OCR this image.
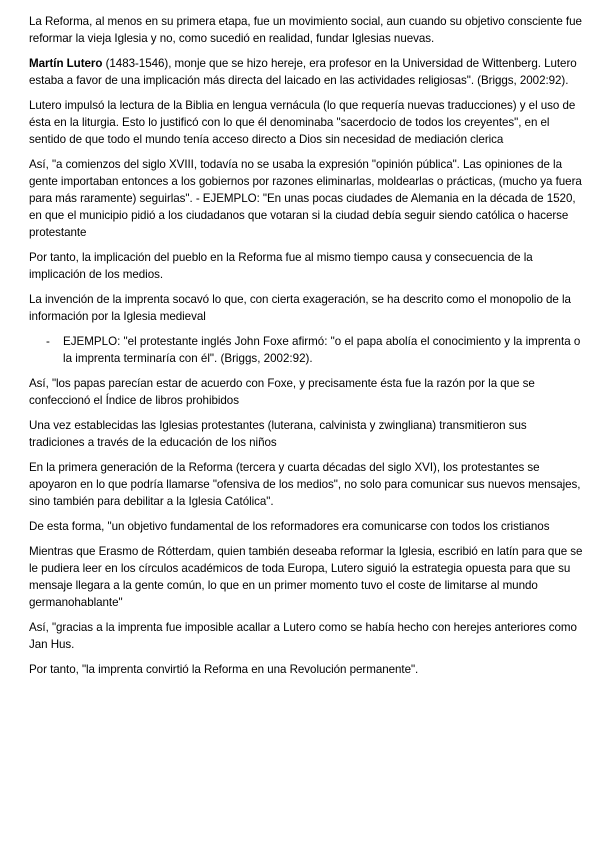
La Reforma, al menos en su primera etapa, fue un movimiento social, aun cuando su objetivo consciente fue reformar la vieja Iglesia y no, como sucedió en realidad, fundar Iglesias nuevas.

Martín Lutero (1483-1546), monje que se hizo hereje, era profesor en la Universidad de Wittenberg. Lutero estaba a favor de una implicación más directa del laicado en las actividades religiosas". (Briggs, 2002:92).

Lutero impulsó la lectura de la Biblia en lengua vernácula (lo que requería nuevas traducciones) y el uso de ésta en la liturgia. Esto lo justificó con lo que él denominaba "sacerdocio de todos los creyentes", en el sentido de que todo el mundo tenía acceso directo a Dios sin necesidad de mediación clerica

Así, "a comienzos del siglo XVIII, todavía no se usaba la expresión "opinión pública". Las opiniones de la gente importaban entonces a los gobiernos por razones eliminarlas, moldearlas o prácticas, (mucho ya fuera para más raramente) seguirlas". - EJEMPLO: "En unas pocas ciudades de Alemania en la década de 1520, en que el municipio pidió a los ciudadanos que votaran si la ciudad debía seguir siendo católica o hacerse protestante

Por tanto, la implicación del pueblo en la Reforma fue al mismo tiempo causa y consecuencia de la implicación de los medios.

La invención de la imprenta socavó lo que, con cierta exageración, se ha descrito como el monopolio de la información por la Iglesia medieval

-	EJEMPLO: "el protestante inglés John Foxe afirmó: "o el papa abolía el conocimiento y la imprenta o la imprenta terminaría con él". (Briggs, 2002:92).

Así, "los papas parecían estar de acuerdo con Foxe, y precisamente ésta fue la razón por la que se confeccionó el Índice de libros prohibidos

Una vez establecidas las Iglesias protestantes (luterana, calvinista y zwingliana) transmitieron sus tradiciones a través de la educación de los niños

En la primera generación de la Reforma (tercera y cuarta décadas del siglo XVI), los protestantes se apoyaron en lo que podría llamarse "ofensiva de los medios", no solo para comunicar sus nuevos mensajes, sino también para debilitar a la Iglesia Católica".

De esta forma, "un objetivo fundamental de los reformadores era comunicarse con todos los cristianos

Mientras que Erasmo de Rótterdam, quien también deseaba reformar la Iglesia, escribió en latín para que se le pudiera leer en los círculos académicos de toda Europa, Lutero siguió la estrategia opuesta para que su mensaje llegara a la gente común, lo que en un primer momento tuvo el coste de limitarse al mundo germanohablante"

Así, "gracias a la imprenta fue imposible acallar a Lutero como se había hecho con herejes anteriores como Jan Hus.

Por tanto, "la imprenta convirtió la Reforma en una Revolución permanente".
